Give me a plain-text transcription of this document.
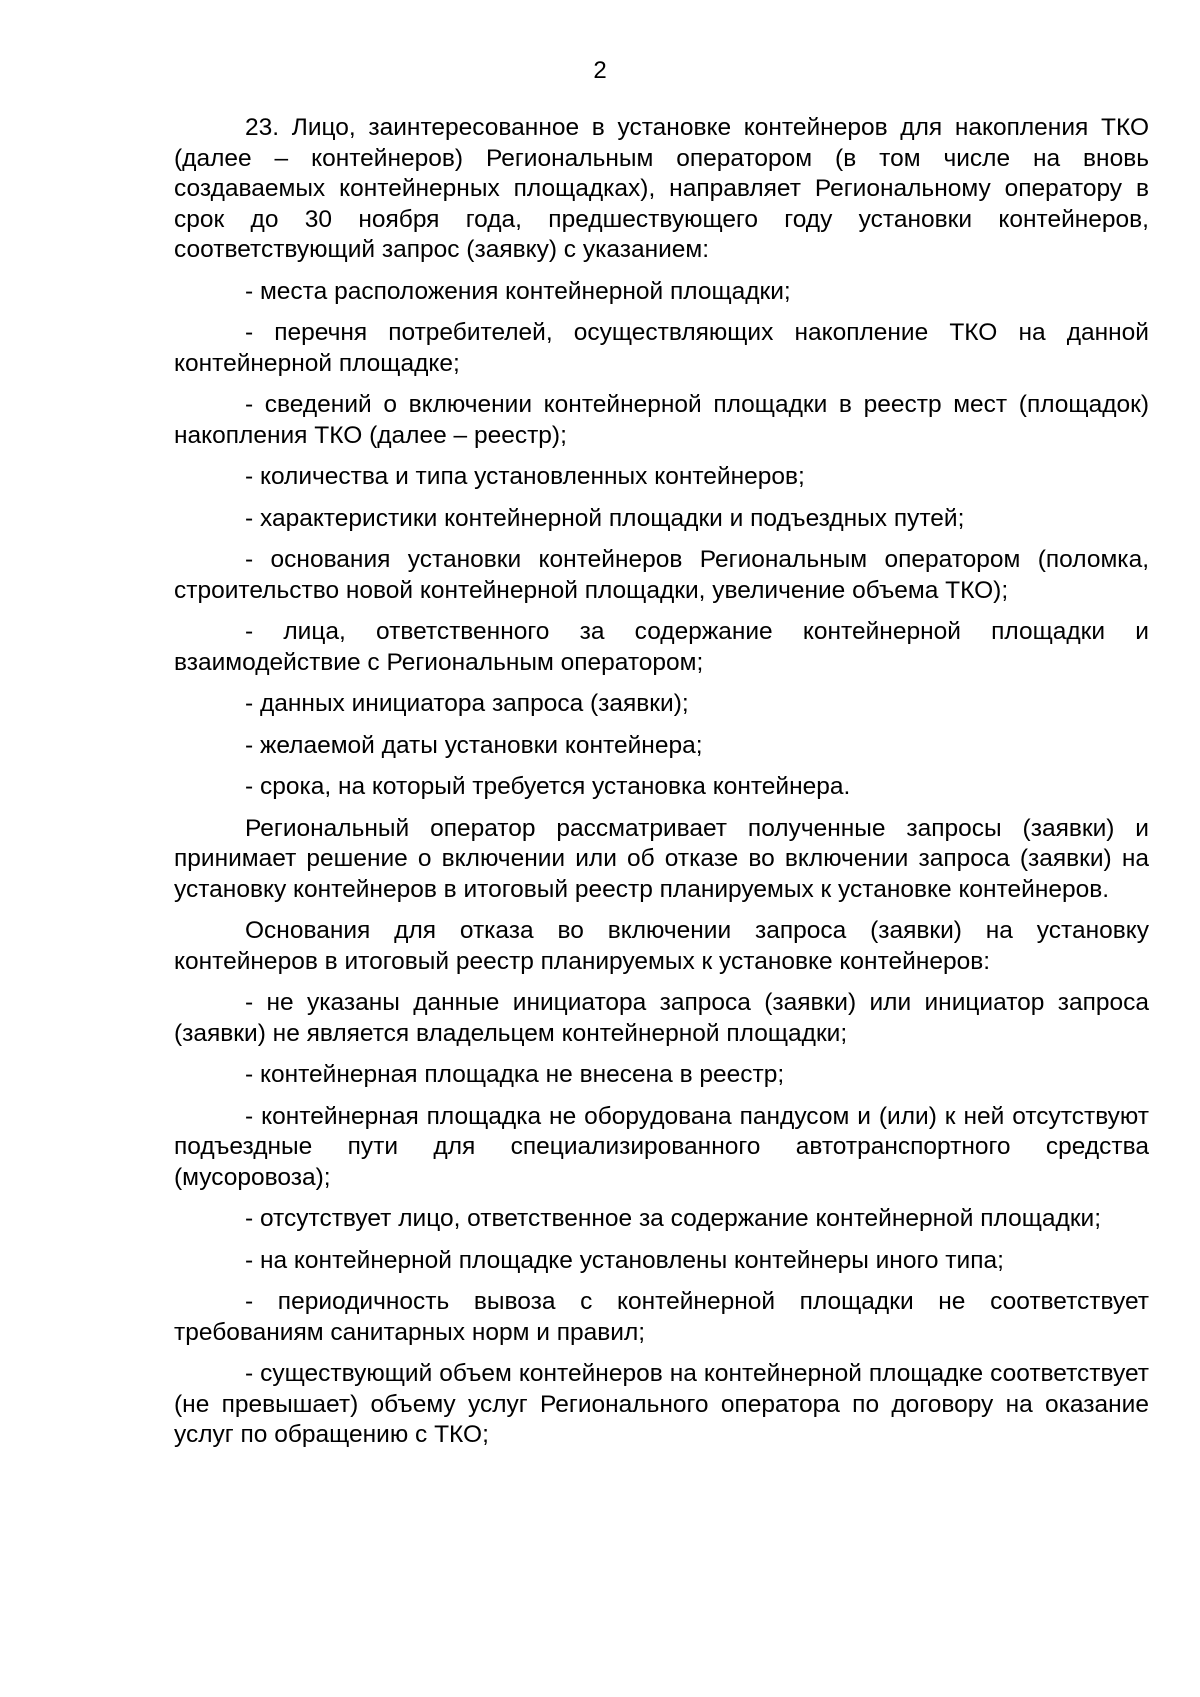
2

23. Лицо, заинтересованное в установке контейнеров для накопления ТКО (далее – контейнеров) Региональным оператором (в том числе на вновь создаваемых контейнерных площадках), направляет Региональному оператору в срок до 30 ноября года, предшествующего году установки контейнеров, соответствующий запрос (заявку) с указанием:

- места расположения контейнерной площадки;

- перечня потребителей, осуществляющих накопление ТКО на данной контейнерной площадке;

- сведений о включении контейнерной площадки в реестр мест (площадок) накопления ТКО (далее – реестр);

- количества и типа установленных контейнеров;

- характеристики контейнерной площадки и подъездных путей;

- основания установки контейнеров Региональным оператором (поломка, строительство новой контейнерной площадки, увеличение объема ТКО);

- лица, ответственного за содержание контейнерной площадки и взаимодействие с Региональным оператором;

- данных инициатора запроса (заявки);

- желаемой даты установки контейнера;

- срока, на который требуется установка контейнера.

Региональный оператор рассматривает полученные запросы (заявки) и принимает решение о включении или об отказе во включении запроса (заявки) на установку контейнеров в итоговый реестр планируемых к установке контейнеров.

Основания для отказа во включении запроса (заявки) на установку контейнеров в итоговый реестр планируемых к установке контейнеров:

- не указаны данные инициатора запроса (заявки) или инициатор запроса (заявки) не является владельцем контейнерной площадки;

- контейнерная площадка не внесена в реестр;

- контейнерная площадка не оборудована пандусом и (или) к ней отсутствуют подъездные пути для специализированного автотранспортного средства (мусоровоза);

- отсутствует лицо, ответственное за содержание контейнерной площадки;

- на контейнерной площадке установлены контейнеры иного типа;

- периодичность вывоза с контейнерной площадки не соответствует требованиям санитарных норм и правил;

- существующий объем контейнеров на контейнерной площадке соответствует (не превышает) объему услуг Регионального оператора по договору на оказание услуг по обращению с ТКО;
